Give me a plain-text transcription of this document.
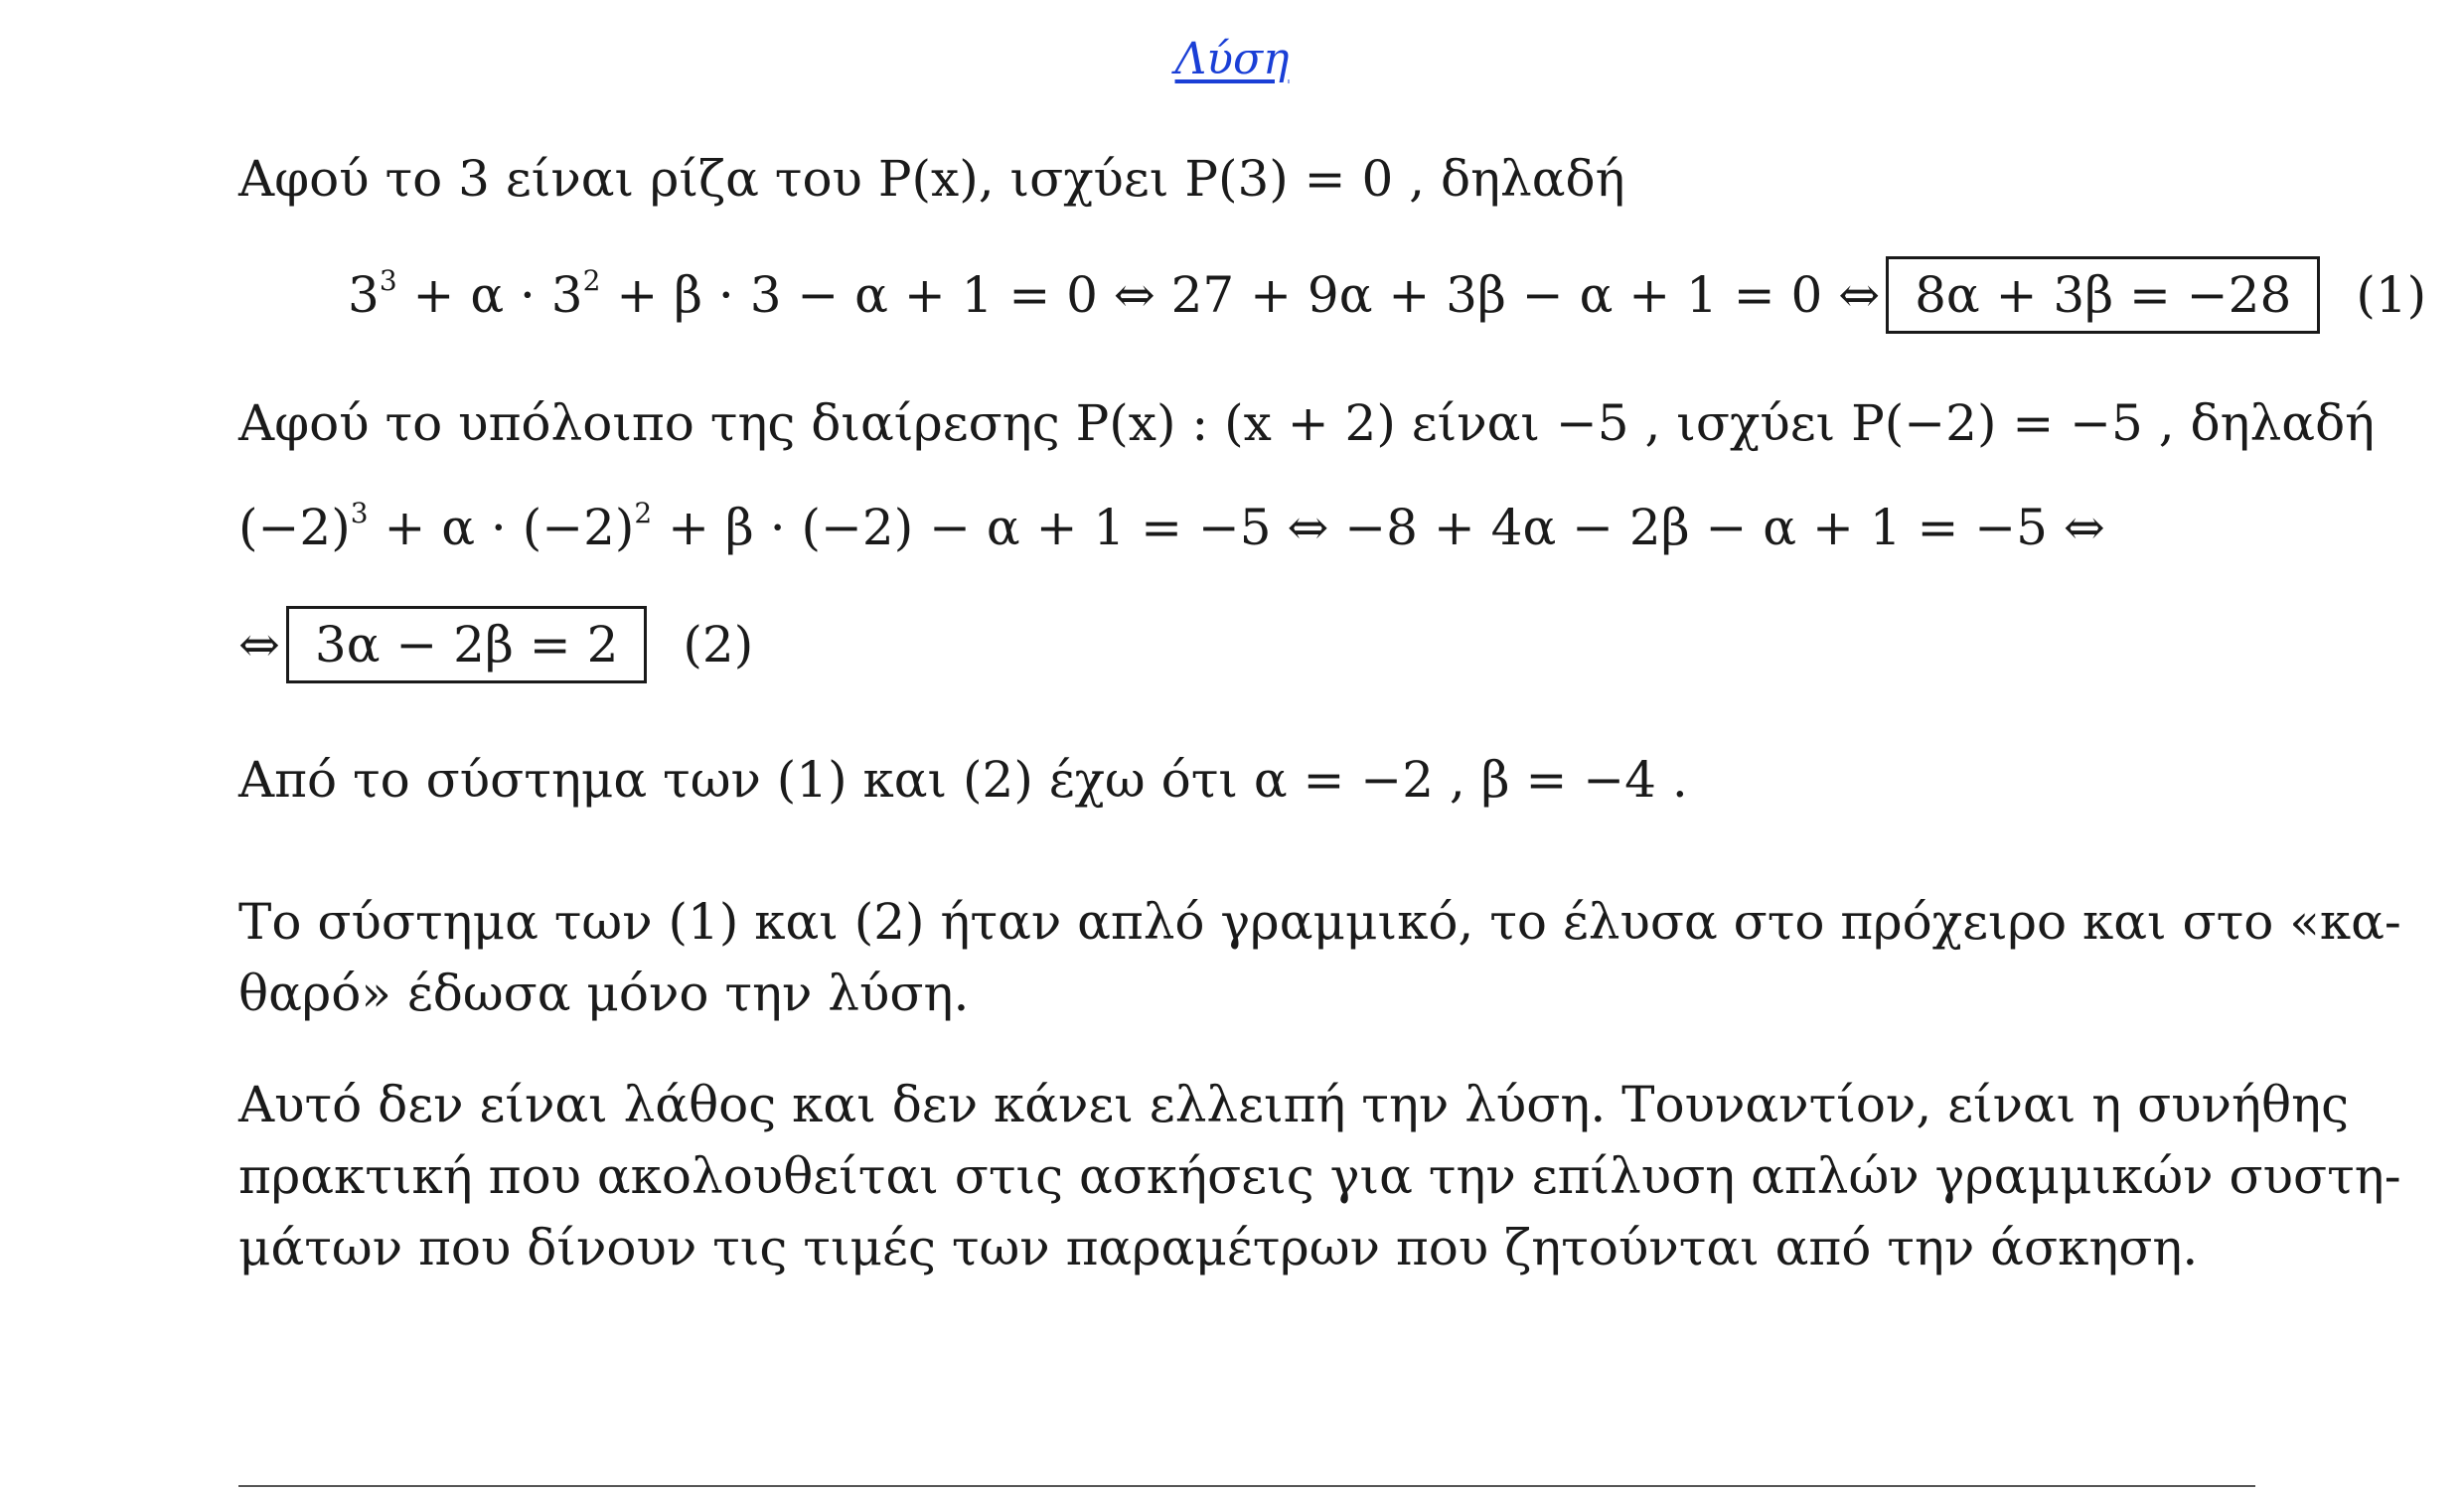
Λύση
Αφού το 3 είναι ρίζα του P(x), ισχύει P(3) = 0 , δηλαδή
$3^3 + \alpha \cdot 3^2 + \beta \cdot 3 - \alpha + 1 = 0$ ⇔ 27 + 9α + 3β − α + 1 = 0 ⇔ 8α + 3β = −28 (1)
Αφού το υπόλοιπο της διαίρεσης P(x) : (x + 2) είναι −5 , ισχύει P(−2) = −5 , δηλαδή
$(-2)^3 + \alpha \cdot (-2)^2 + \beta \cdot (-2) - \alpha + 1 = -5$ ⇔ −8 + 4α − 2β − α + 1 = −5 ⇔
⇔ 3α − 2β = 2 (2)
Από το σύστημα των (1) και (2) έχω ότι α = −2 , β = −4 .
Το σύστημα των (1) και (2) ήταν απλό γραμμικό, το έλυσα στο πρόχειρο και στο «κα-
θαρό» έδωσα μόνο την λύση.
Αυτό δεν είναι λάθος και δεν κάνει ελλειπή την λύση. Τουναντίον, είναι η συνήθης
πρακτική που ακολουθείται στις ασκήσεις για την επίλυση απλών γραμμικών συστη-
μάτων που δίνουν τις τιμές των παραμέτρων που ζητούνται από την άσκηση.
